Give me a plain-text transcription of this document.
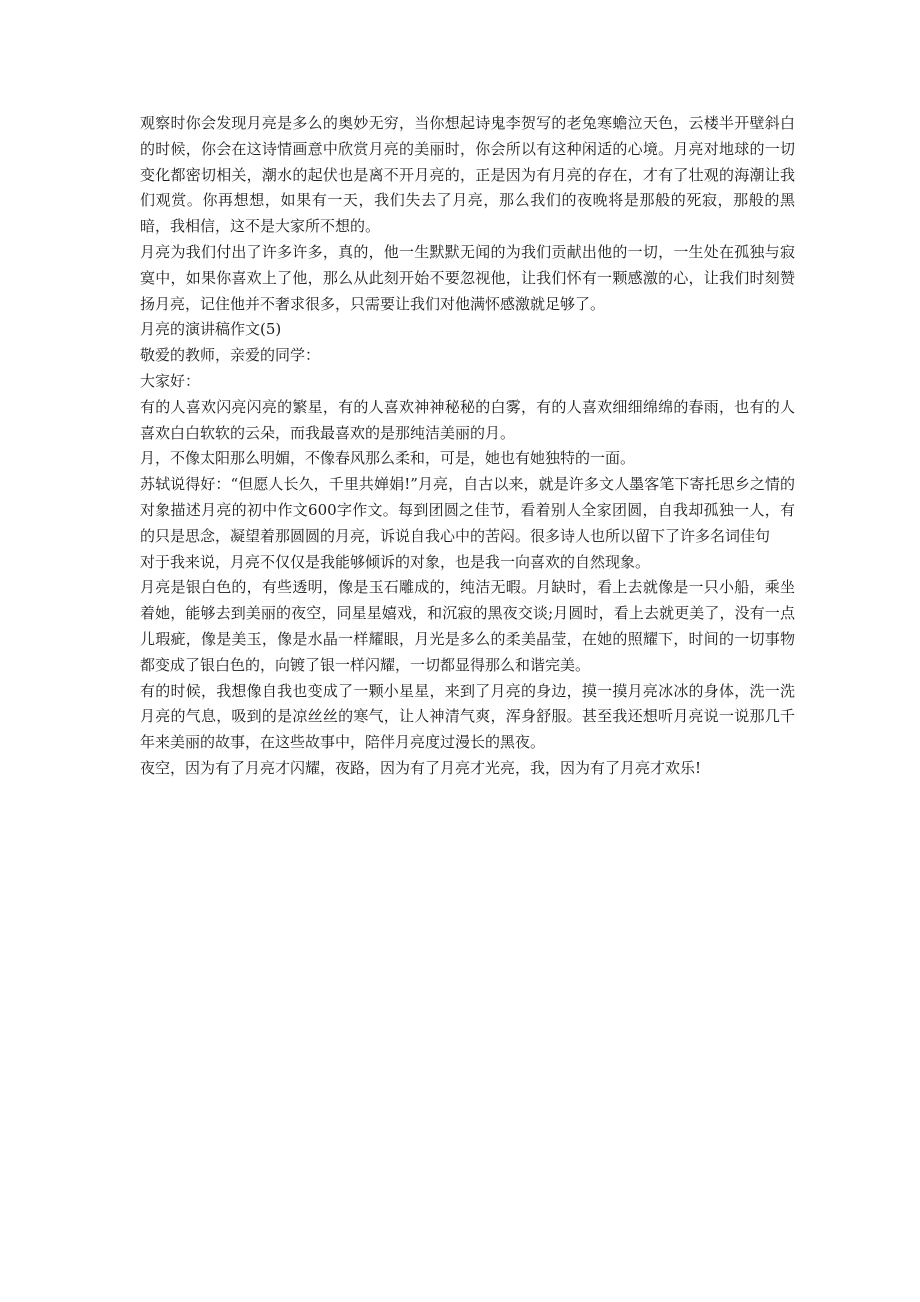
观察时你会发现月亮是多么的奥妙无穷，当你想起诗鬼李贺写的老兔寒蟾泣天色，云楼半开壁斜白的时候，你会在这诗情画意中欣赏月亮的美丽时，你会所以有这种闲适的心境。月亮对地球的一切变化都密切相关，潮水的起伏也是离不开月亮的，正是因为有月亮的存在，才有了壮观的海潮让我们观赏。你再想想，如果有一天，我们失去了月亮，那么我们的夜晚将是那般的死寂，那般的黑暗，我相信，这不是大家所不想的。

月亮为我们付出了许多许多，真的，他一生默默无闻的为我们贡献出他的一切，一生处在孤独与寂寞中，如果你喜欢上了他，那么从此刻开始不要忽视他，让我们怀有一颗感激的心，让我们时刻赞扬月亮，记住他并不奢求很多，只需要让我们对他满怀感激就足够了。

月亮的演讲稿作文(5)

敬爱的教师，亲爱的同学：

大家好：

有的人喜欢闪亮闪亮的繁星，有的人喜欢神神秘秘的白雾，有的人喜欢细细绵绵的春雨，也有的人喜欢白白软软的云朵，而我最喜欢的是那纯洁美丽的月。

月，不像太阳那么明媚，不像春风那么柔和，可是，她也有她独特的一面。

苏轼说得好：“但愿人长久，千里共婵娟!”月亮，自古以来，就是许多文人墨客笔下寄托思乡之情的对象描述月亮的初中作文600字作文。每到团圆之佳节，看着别人全家团圆，自我却孤独一人，有的只是思念，凝望着那圆圆的月亮，诉说自我心中的苦闷。很多诗人也所以留下了许多名词佳句

对于我来说，月亮不仅仅是我能够倾诉的对象，也是我一向喜欢的自然现象。

月亮是银白色的，有些透明，像是玉石雕成的，纯洁无暇。月缺时，看上去就像是一只小船，乘坐着她，能够去到美丽的夜空，同星星嬉戏，和沉寂的黑夜交谈;月圆时，看上去就更美了，没有一点儿瑕疵，像是美玉，像是水晶一样耀眼，月光是多么的柔美晶莹，在她的照耀下，时间的一切事物都变成了银白色的，向镀了银一样闪耀，一切都显得那么和谐完美。

有的时候，我想像自我也变成了一颗小星星，来到了月亮的身边，摸一摸月亮冰冰的身体，洗一洗月亮的气息，吸到的是凉丝丝的寒气，让人神清气爽，浑身舒服。甚至我还想听月亮说一说那几千年来美丽的故事，在这些故事中，陪伴月亮度过漫长的黑夜。

夜空，因为有了月亮才闪耀，夜路，因为有了月亮才光亮，我，因为有了月亮才欢乐!
